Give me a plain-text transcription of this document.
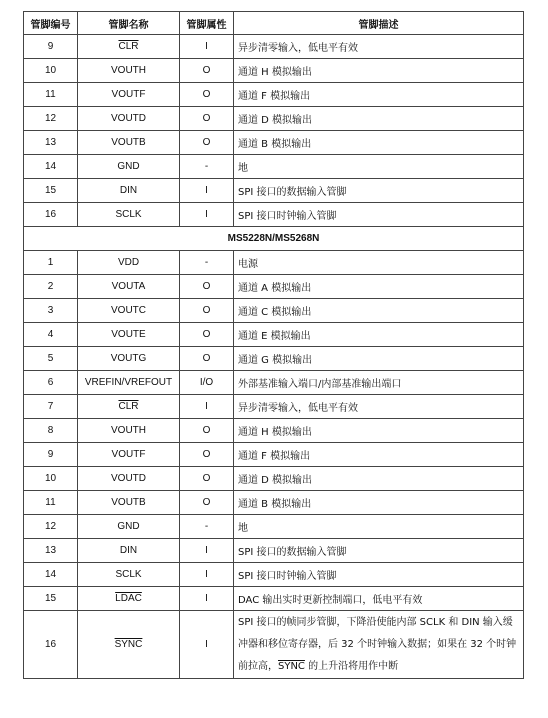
管脚编号	管脚名称	管脚属性	管脚描述
9	$\overline{CLR}$	I	异步清零输入，低电平有效
10	VOUTH	O	通道 H 模拟输出
11	VOUTF	O	通道 F 模拟输出
12	VOUTD	O	通道 D 模拟输出
13	VOUTB	O	通道 B 模拟输出
14	GND	-	地
15	DIN	I	SPI 接口的数据输入管脚
16	SCLK	I	SPI 接口时钟输入管脚
MS5228N/MS5268N			
1	VDD	-	电源
2	VOUTA	O	通道 A 模拟输出
3	VOUTC	O	通道 C 模拟输出
4	VOUTE	O	通道 E 模拟输出
5	VOUTG	O	通道 G 模拟输出
6	VREFIN/VREFOUT	I/O	外部基准输入端口/内部基准输出端口
7	$\overline{CLR}$	I	异步清零输入，低电平有效
8	VOUTH	O	通道 H 模拟输出
9	VOUTF	O	通道 F 模拟输出
10	VOUTD	O	通道 D 模拟输出
11	VOUTB	O	通道 B 模拟输出
12	GND	-	地
13	DIN	I	SPI 接口的数据输入管脚
14	SCLK	I	SPI 接口时钟输入管脚
15	LDAC	I	DAC 输出实时更新控制端口，低电平有效
16	SYNC	I	SPI 接口的帧同步管脚，下降沿使能内部 SCLK 和 DIN 输入缓冲器和移位寄存器，后 32 个时钟输入数据；如果在 32 个时钟前拉高，SYNC 的上升沿将用作中断
